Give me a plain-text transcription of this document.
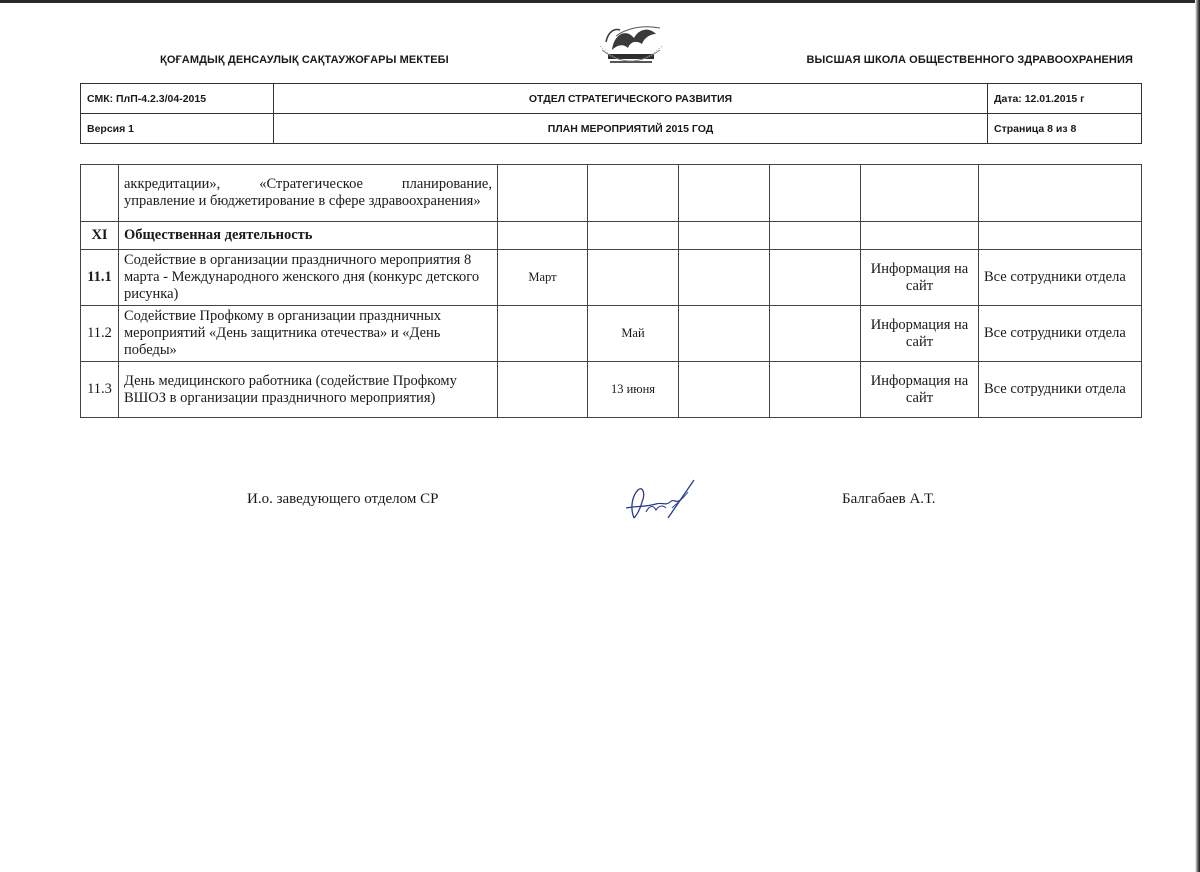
ҚОҒАМДЫҚ ДЕНСАУЛЫҚ САҚТАУЖОҒАРЫ МЕКТЕБІ	ВЫСШАЯ ШКОЛА ОБЩЕСТВЕННОГО ЗДРАВООХРАНЕНИЯ
СМК: ПлП-4.2.3/04-2015	ОТДЕЛ СТРАТЕГИЧЕСКОГО РАЗВИТИЯ	Дата: 12.01.2015 г
Версия 1	ПЛАН МЕРОПРИЯТИЙ 2015 ГОД	Страница 8 из 8
	аккредитации», «Стратегическое планирование, управление и бюджетирование в сфере здравоохранения»						
XI	Общественная деятельность						
11.1	Содействие в организации праздничного мероприятия 8 марта - Международного женского дня (конкурс детского рисунка)	Март				Информация на сайт	Все сотрудники отдела
11.2	Содействие Профкому в организации праздничных мероприятий «День защитника отечества» и «День победы»		Май			Информация на сайт	Все сотрудники отдела
11.3	День медицинского работника (содействие Профкому ВШОЗ в организации праздничного мероприятия)		13 июня			Информация на сайт	Все сотрудники отдела
И.о. заведующего отделом СР	Балгабаев А.Т.
